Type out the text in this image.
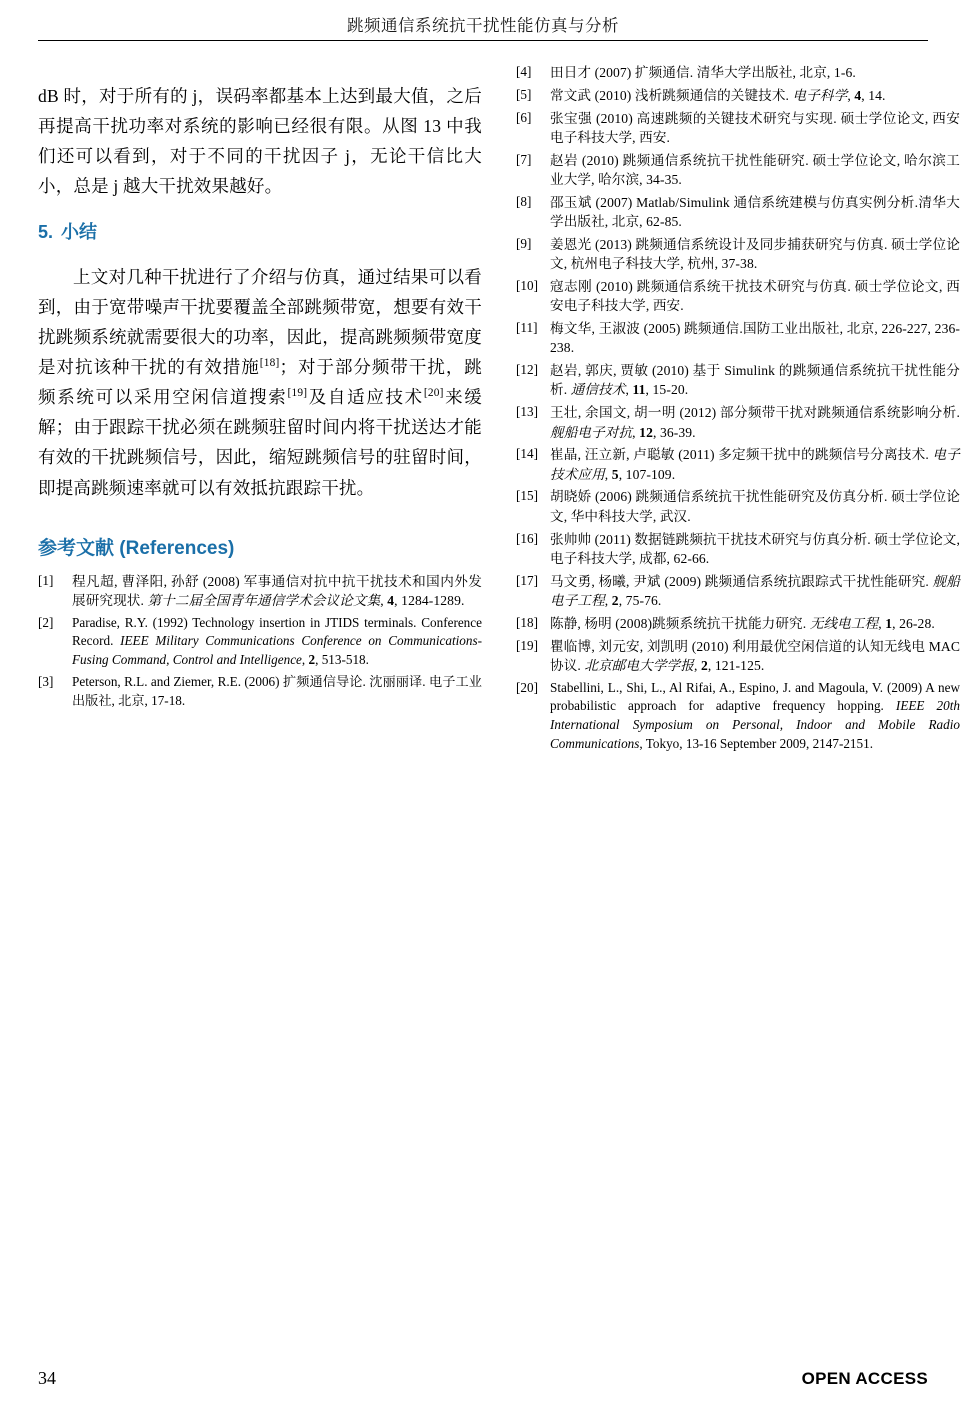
跳频通信系统抗干扰性能仿真与分析

dB 时，对于所有的 j，误码率都基本上达到最大值，之后再提高干扰功率对系统的影响已经很有限。从图 13 中我们还可以看到，对于不同的干扰因子 j，无论干信比大小，总是 j 越大干扰效果越好。

5. 小结

上文对几种干扰进行了介绍与仿真，通过结果可以看到，由于宽带噪声干扰要覆盖全部跳频带宽，想要有效干扰跳频系统就需要很大的功率，因此，提高跳频频带宽度是对抗该种干扰的有效措施[18]；对于部分频带干扰，跳频系统可以采用空闲信道搜索[19]及自适应技术[20]来缓解；由于跟踪干扰必须在跳频驻留时间内将干扰送达才能有效的干扰跳频信号，因此，缩短跳频信号的驻留时间，即提高跳频速率就可以有效抵抗跟踪干扰。

参考文献 (References)
[1]	程凡超, 曹泽阳, 孙舒 (2008) 军事通信对抗中抗干扰技术和国内外发展研究现状. 第十二届全国青年通信学术会议论文集, 4, 1284-1289.
[2]	Paradise, R.Y. (1992) Technology insertion in JTIDS terminals. Conference Record. IEEE Military Communications Conference on Communications-Fusing Command, Control and Intelligence, 2, 513-518.
[3]	Peterson, R.L. and Ziemer, R.E. (2006) 扩频通信导论. 沈丽丽译. 电子工业出版社, 北京, 17-18.
[4]	田日才 (2007) 扩频通信. 清华大学出版社, 北京, 1-6.
[5]	常文武 (2010) 浅析跳频通信的关键技术. 电子科学, 4, 14.
[6]	张宝强 (2010) 高速跳频的关键技术研究与实现. 硕士学位论文, 西安电子科技大学, 西安.
[7]	赵岩 (2010) 跳频通信系统抗干扰性能研究. 硕士学位论文, 哈尔滨工业大学, 哈尔滨, 34-35.
[8]	邵玉斌 (2007) Matlab/Simulink 通信系统建模与仿真实例分析.清华大学出版社, 北京, 62-85.
[9]	姜恩光 (2013) 跳频通信系统设计及同步捕获研究与仿真. 硕士学位论文, 杭州电子科技大学, 杭州, 37-38.
[10] 寇志刚 (2010) 跳频通信系统干扰技术研究与仿真. 硕士学位论文, 西安电子科技大学, 西安.
[11] 梅文华, 王淑波 (2005) 跳频通信.国防工业出版社, 北京, 226-227, 236-238.
[12] 赵岩, 郭庆, 贾敏 (2010) 基于 Simulink 的跳频通信系统抗干扰性能分析. 通信技术, 11, 15-20.
[13] 王壮, 余国文, 胡一明 (2012) 部分频带干扰对跳频通信系统影响分析. 舰船电子对抗, 12, 36-39.
[14] 崔晶, 汪立新, 卢聪敏 (2011) 多定频干扰中的跳频信号分离技术. 电子技术应用, 5, 107-109.
[15] 胡晓娇 (2006) 跳频通信系统抗干扰性能研究及仿真分析. 硕士学位论文, 华中科技大学, 武汉.
[16] 张帅帅 (2011) 数据链跳频抗干扰技术研究与仿真分析. 硕士学位论文, 电子科技大学, 成都, 62-66.
[17] 马文勇, 杨曦, 尹斌 (2009) 跳频通信系统抗跟踪式干扰性能研究. 舰船电子工程, 2, 75-76.
[18] 陈静, 杨明 (2008)跳频系统抗干扰能力研究. 无线电工程, 1, 26-28.
[19] 瞿临博, 刘元安, 刘凯明 (2010) 利用最优空闲信道的认知无线电 MAC 协议. 北京邮电大学学报, 2, 121-125.
[20] Stabellini, L., Shi, L., Al Rifai, A., Espino, J. and Magoula, V. (2009) A new probabilistic approach for adaptive frequency hopping. IEEE 20th International Symposium on Personal, Indoor and Mobile Radio Communications, Tokyo, 13-16 September 2009, 2147-2151.
34	OPEN ACCESS
